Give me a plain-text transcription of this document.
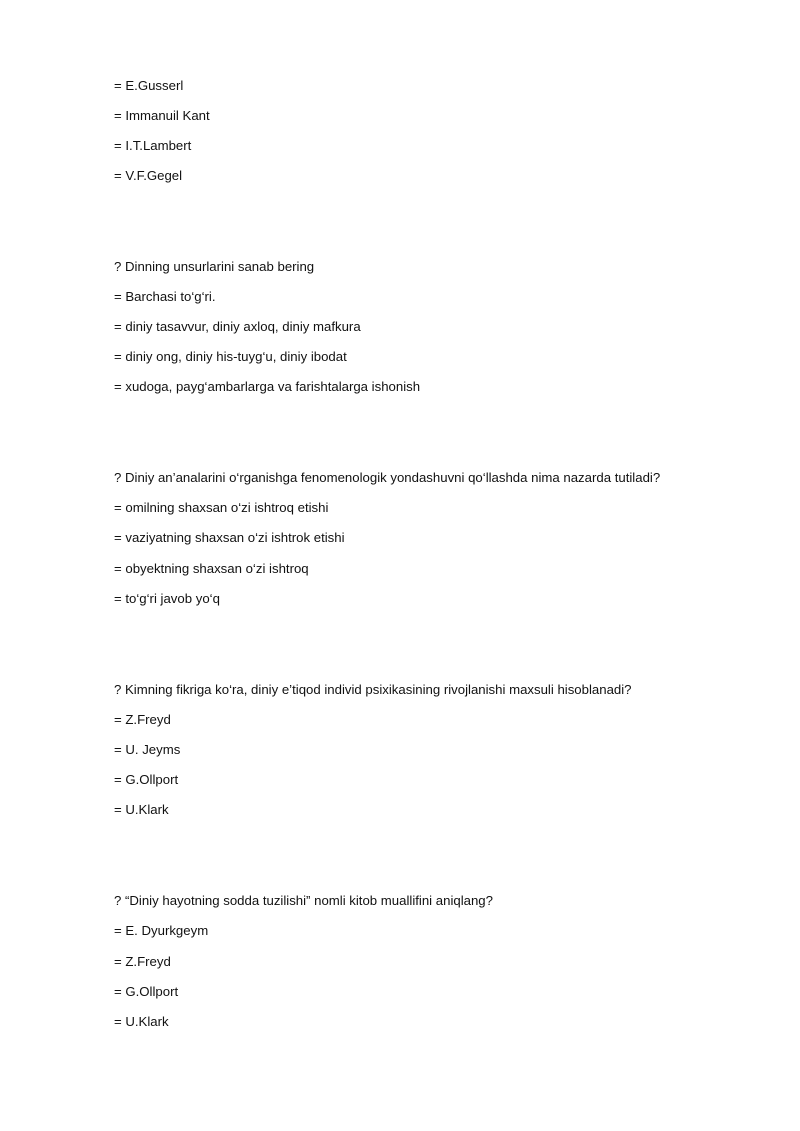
= E.Gusserl
= Immanuil Kant
= I.T.Lambert
= V.F.Gegel
? Dinning unsurlarini sanab bering
= Barchasi to‘g‘ri.
= diniy tasavvur, diniy axloq, diniy mafkura
= diniy ong, diniy his-tuyg‘u, diniy ibodat
= xudoga, payg‘ambarlarga va farishtalarga ishonish
? Diniy an’analarini o‘rganishga fenomenologik yondashuvni qo‘llashda nima nazarda tutiladi?
= omilning shaxsan o‘zi ishtroq etishi
= vaziyatning shaxsan o‘zi ishtrok etishi
= obyektning shaxsan o‘zi ishtroq
= to‘g‘ri javob yo‘q
? Kimning fikriga ko‘ra, diniy e’tiqod individ psixikasining rivojlanishi maxsuli hisoblanadi?
= Z.Freyd
= U. Jeyms
= G.Ollport
= U.Klark
? “Diniy hayotning sodda tuzilishi” nomli kitob muallifini aniqlang?
= E. Dyurkgeym
= Z.Freyd
= G.Ollport
= U.Klark
